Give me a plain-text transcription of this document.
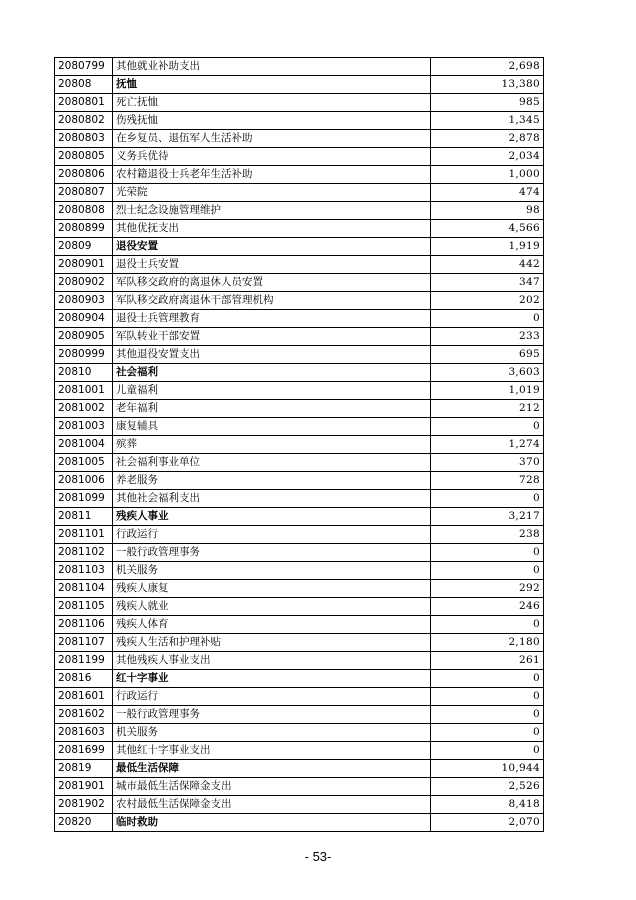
2080799	其他就业补助支出	2,698
20808	抚恤	13,380
2080801	死亡抚恤	985
2080802	伤残抚恤	1,345
2080803	在乡复员、退伍军人生活补助	2,878
2080805	义务兵优待	2,034
2080806	农村籍退役士兵老年生活补助	1,000
2080807	光荣院	474
2080808	烈士纪念设施管理维护	98
2080899	其他优抚支出	4,566
20809	退役安置	1,919
2080901	退役士兵安置	442
2080902	军队移交政府的离退休人员安置	347
2080903	军队移交政府离退休干部管理机构	202
2080904	退役士兵管理教育	0
2080905	军队转业干部安置	233
2080999	其他退役安置支出	695
20810	社会福利	3,603
2081001	儿童福利	1,019
2081002	老年福利	212
2081003	康复辅具	0
2081004	殡葬	1,274
2081005	社会福利事业单位	370
2081006	养老服务	728
2081099	其他社会福利支出	0
20811	残疾人事业	3,217
2081101	行政运行	238
2081102	一般行政管理事务	0
2081103	机关服务	0
2081104	残疾人康复	292
2081105	残疾人就业	246
2081106	残疾人体育	0
2081107	残疾人生活和护理补贴	2,180
2081199	其他残疾人事业支出	261
20816	红十字事业	0
2081601	行政运行	0
2081602	一般行政管理事务	0
2081603	机关服务	0
2081699	其他红十字事业支出	0
20819	最低生活保障	10,944
2081901	城市最低生活保障金支出	2,526
2081902	农村最低生活保障金支出	8,418
20820	临时救助	2,070
- 53-
